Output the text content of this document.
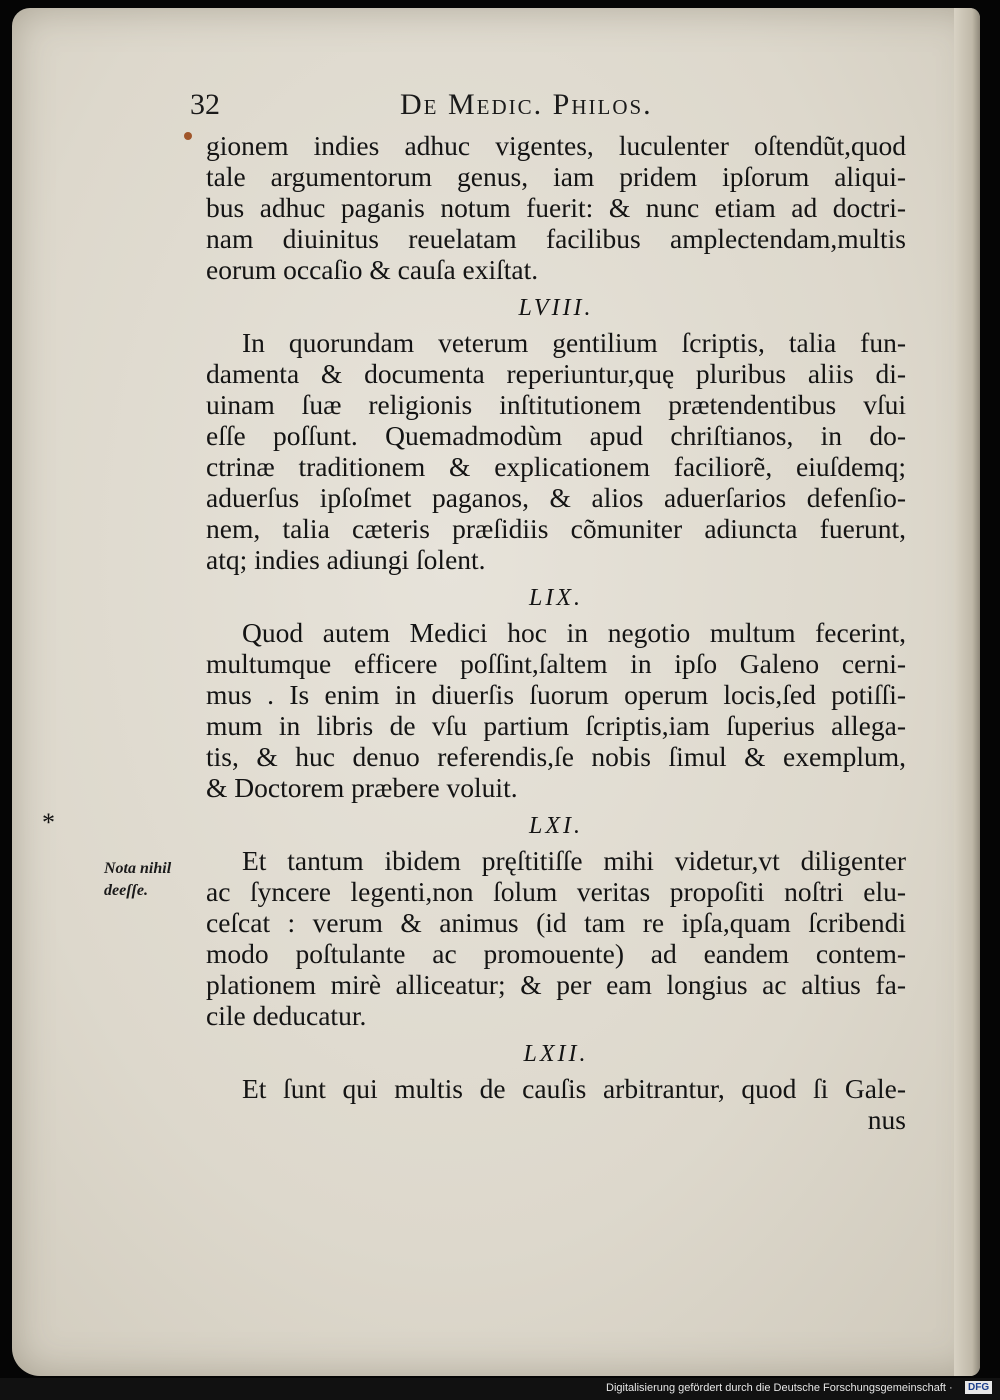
32	De Medic. Philos.
gionem indies adhuc vigentes, luculenter oſtendũt,quod
tale argumentorum genus, iam pridem ipſorum aliqui-
bus adhuc paganis notum fuerit: & nunc etiam ad doctri-
nam diuinitus reuelatam facilibus amplectendam,multis
eorum occaſio & cauſa exiſtat.
LVIII.
In quorundam veterum gentilium ſcriptis, talia fun-
damenta & documenta reperiuntur,quę pluribus aliis di-
uinam ſuæ religionis inſtitutionem prætendentibus vſui
eſſe poſſunt. Quemadmodùm apud chriſtianos, in do-
ctrinæ traditionem & explicationem faciliorẽ, eiuſdemq;
aduerſus ipſoſmet paganos, & alios aduerſarios defenſio-
nem, talia cæteris præſidiis cõmuniter adiuncta fuerunt,
atq; indies adiungi ſolent.
LIX.
Quod autem Medici hoc in negotio multum fecerint,
multumque efficere poſſint,ſaltem in ipſo Galeno cerni-
mus . Is enim in diuerſis ſuorum operum locis,ſed potiſſi-
mum in libris de vſu partium ſcriptis,iam ſuperius allega-
tis, & huc denuo referendis,ſe nobis ſimul & exemplum,
& Doctorem præbere voluit.
LXI.
Et tantum ibidem pręſtitiſſe mihi videtur,vt diligenter
ac ſyncere legenti,non ſolum veritas propoſiti noſtri elu-
ceſcat : verum & animus (id tam re ipſa,quam ſcribendi
modo poſtulante ac promouente) ad eandem contem-
plationem mirè alliceatur; & per eam longius ac altius fa-
cile deducatur.
LXII.
Et ſunt qui multis de cauſis arbitrantur, quod ſi Gale-
nus
*
Nota nihil
deeſſe.
Digitalisierung gefördert durch die Deutsche Forschungsgemeinschaft ·	DFG
